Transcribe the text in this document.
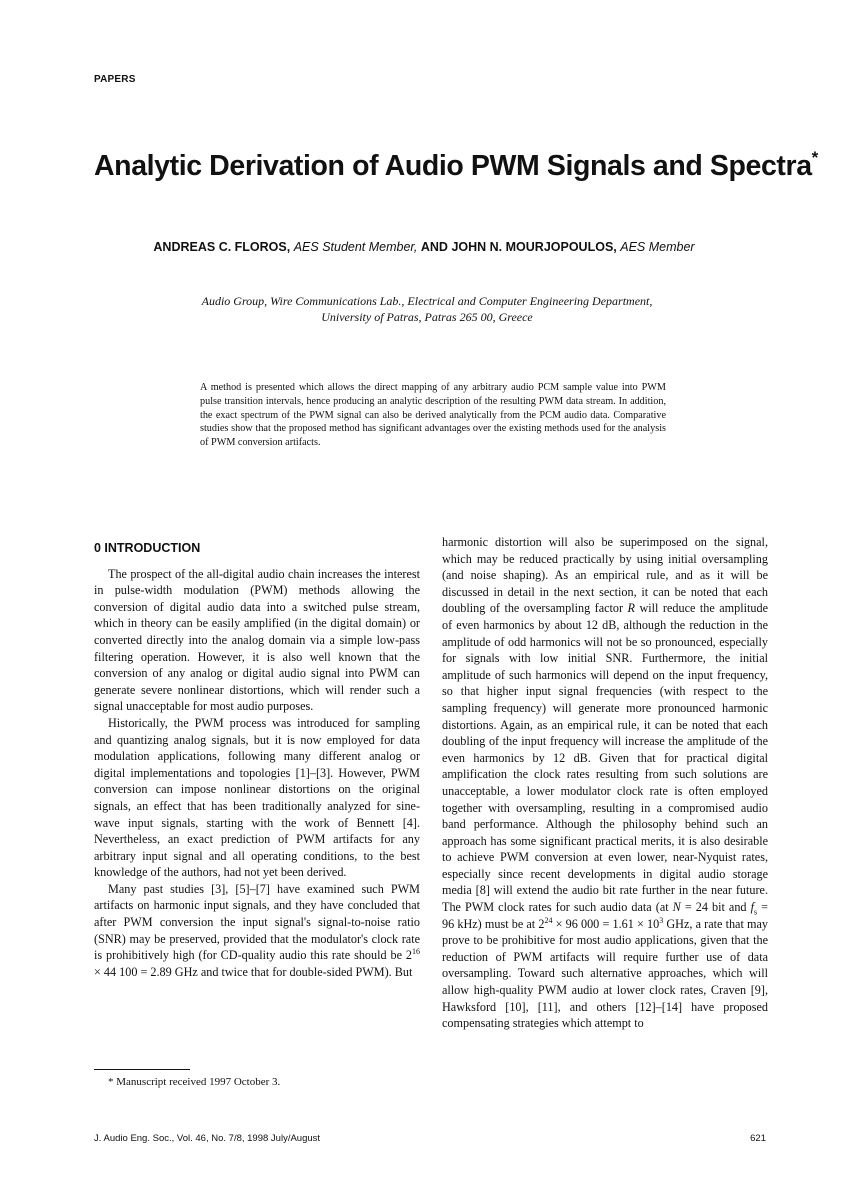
PAPERS
Analytic Derivation of Audio PWM Signals and Spectra*
ANDREAS C. FLOROS, AES Student Member, AND JOHN N. MOURJOPOULOS, AES Member
Audio Group, Wire Communications Lab., Electrical and Computer Engineering Department,
University of Patras, Patras 265 00, Greece
A method is presented which allows the direct mapping of any arbitrary audio PCM sample value into PWM pulse transition intervals, hence producing an analytic description of the resulting PWM data stream. In addition, the exact spectrum of the PWM signal can also be derived analytically from the PCM audio data. Comparative studies show that the proposed method has significant advantages over the existing methods used for the analysis of PWM conversion artifacts.
0 INTRODUCTION

The prospect of the all-digital audio chain increases the interest in pulse-width modulation (PWM) methods allowing the conversion of digital audio data into a switched pulse stream, which in theory can be easily amplified (in the digital domain) or converted directly into the analog domain via a simple low-pass filtering operation. However, it is also well known that the conversion of any analog or digital audio signal into PWM can generate severe nonlinear distortions, which will render such a signal unacceptable for most audio purposes.

Historically, the PWM process was introduced for sampling and quantizing analog signals, but it is now employed for data modulation applications, following many different analog or digital implementations and topologies [1]–[3]. However, PWM conversion can impose nonlinear distortions on the original signals, an effect that has been traditionally analyzed for sine-wave input signals, starting with the work of Bennett [4]. Nevertheless, an exact prediction of PWM artifacts for any arbitrary input signal and all operating conditions, to the best knowledge of the authors, had not yet been derived.

Many past studies [3], [5]–[7] have examined such PWM artifacts on harmonic input signals, and they have concluded that after PWM conversion the input signal's signal-to-noise ratio (SNR) may be preserved, provided that the modulator's clock rate is prohibitively high (for CD-quality audio this rate should be $2^{16} \times 44$ 100 = 2.89 GHz and twice that for double-sided PWM). But

harmonic distortion will also be superimposed on the signal, which may be reduced practically by using initial oversampling (and noise shaping). As an empirical rule, and as it will be discussed in detail in the next section, it can be noted that each doubling of the oversampling factor R will reduce the amplitude of even harmonics by about 12 dB, although the reduction in the amplitude of odd harmonics will not be so pronounced, especially for signals with low initial SNR. Furthermore, the initial amplitude of such harmonics will depend on the input frequency, so that higher input signal frequencies (with respect to the sampling frequency) will generate more pronounced harmonic distortions. Again, as an empirical rule, it can be noted that each doubling of the input frequency will increase the amplitude of the even harmonics by 12 dB. Given that for practical digital amplification the clock rates resulting from such solutions are unacceptable, a lower modulator clock rate is often employed together with oversampling, resulting in a compromised audio band performance. Although the philosophy behind such an approach has some significant practical merits, it is also desirable to achieve PWM conversion at even lower, near-Nyquist rates, especially since recent developments in digital audio storage media [8] will extend the audio bit rate further in the near future. The PWM clock rates for such audio data (at N = 24 bit and $f_s = 96$ kHz) must be at $2^{24} \times 96$ $000 = 1.61 \times 10^3$ GHz, a rate that may prove to be prohibitive for most audio applications, given that the reduction of PWM artifacts will require further use of data oversampling. Toward such alternative approaches, which will allow high-quality PWM audio at lower clock rates, Craven [9], Hawksford [10], [11], and others [12]–[14] have proposed compensating strategies which attempt to

* Manuscript received 1997 October 3.
J. Audio Eng. Soc., Vol. 46, No. 7/8, 1998 July/August	621
